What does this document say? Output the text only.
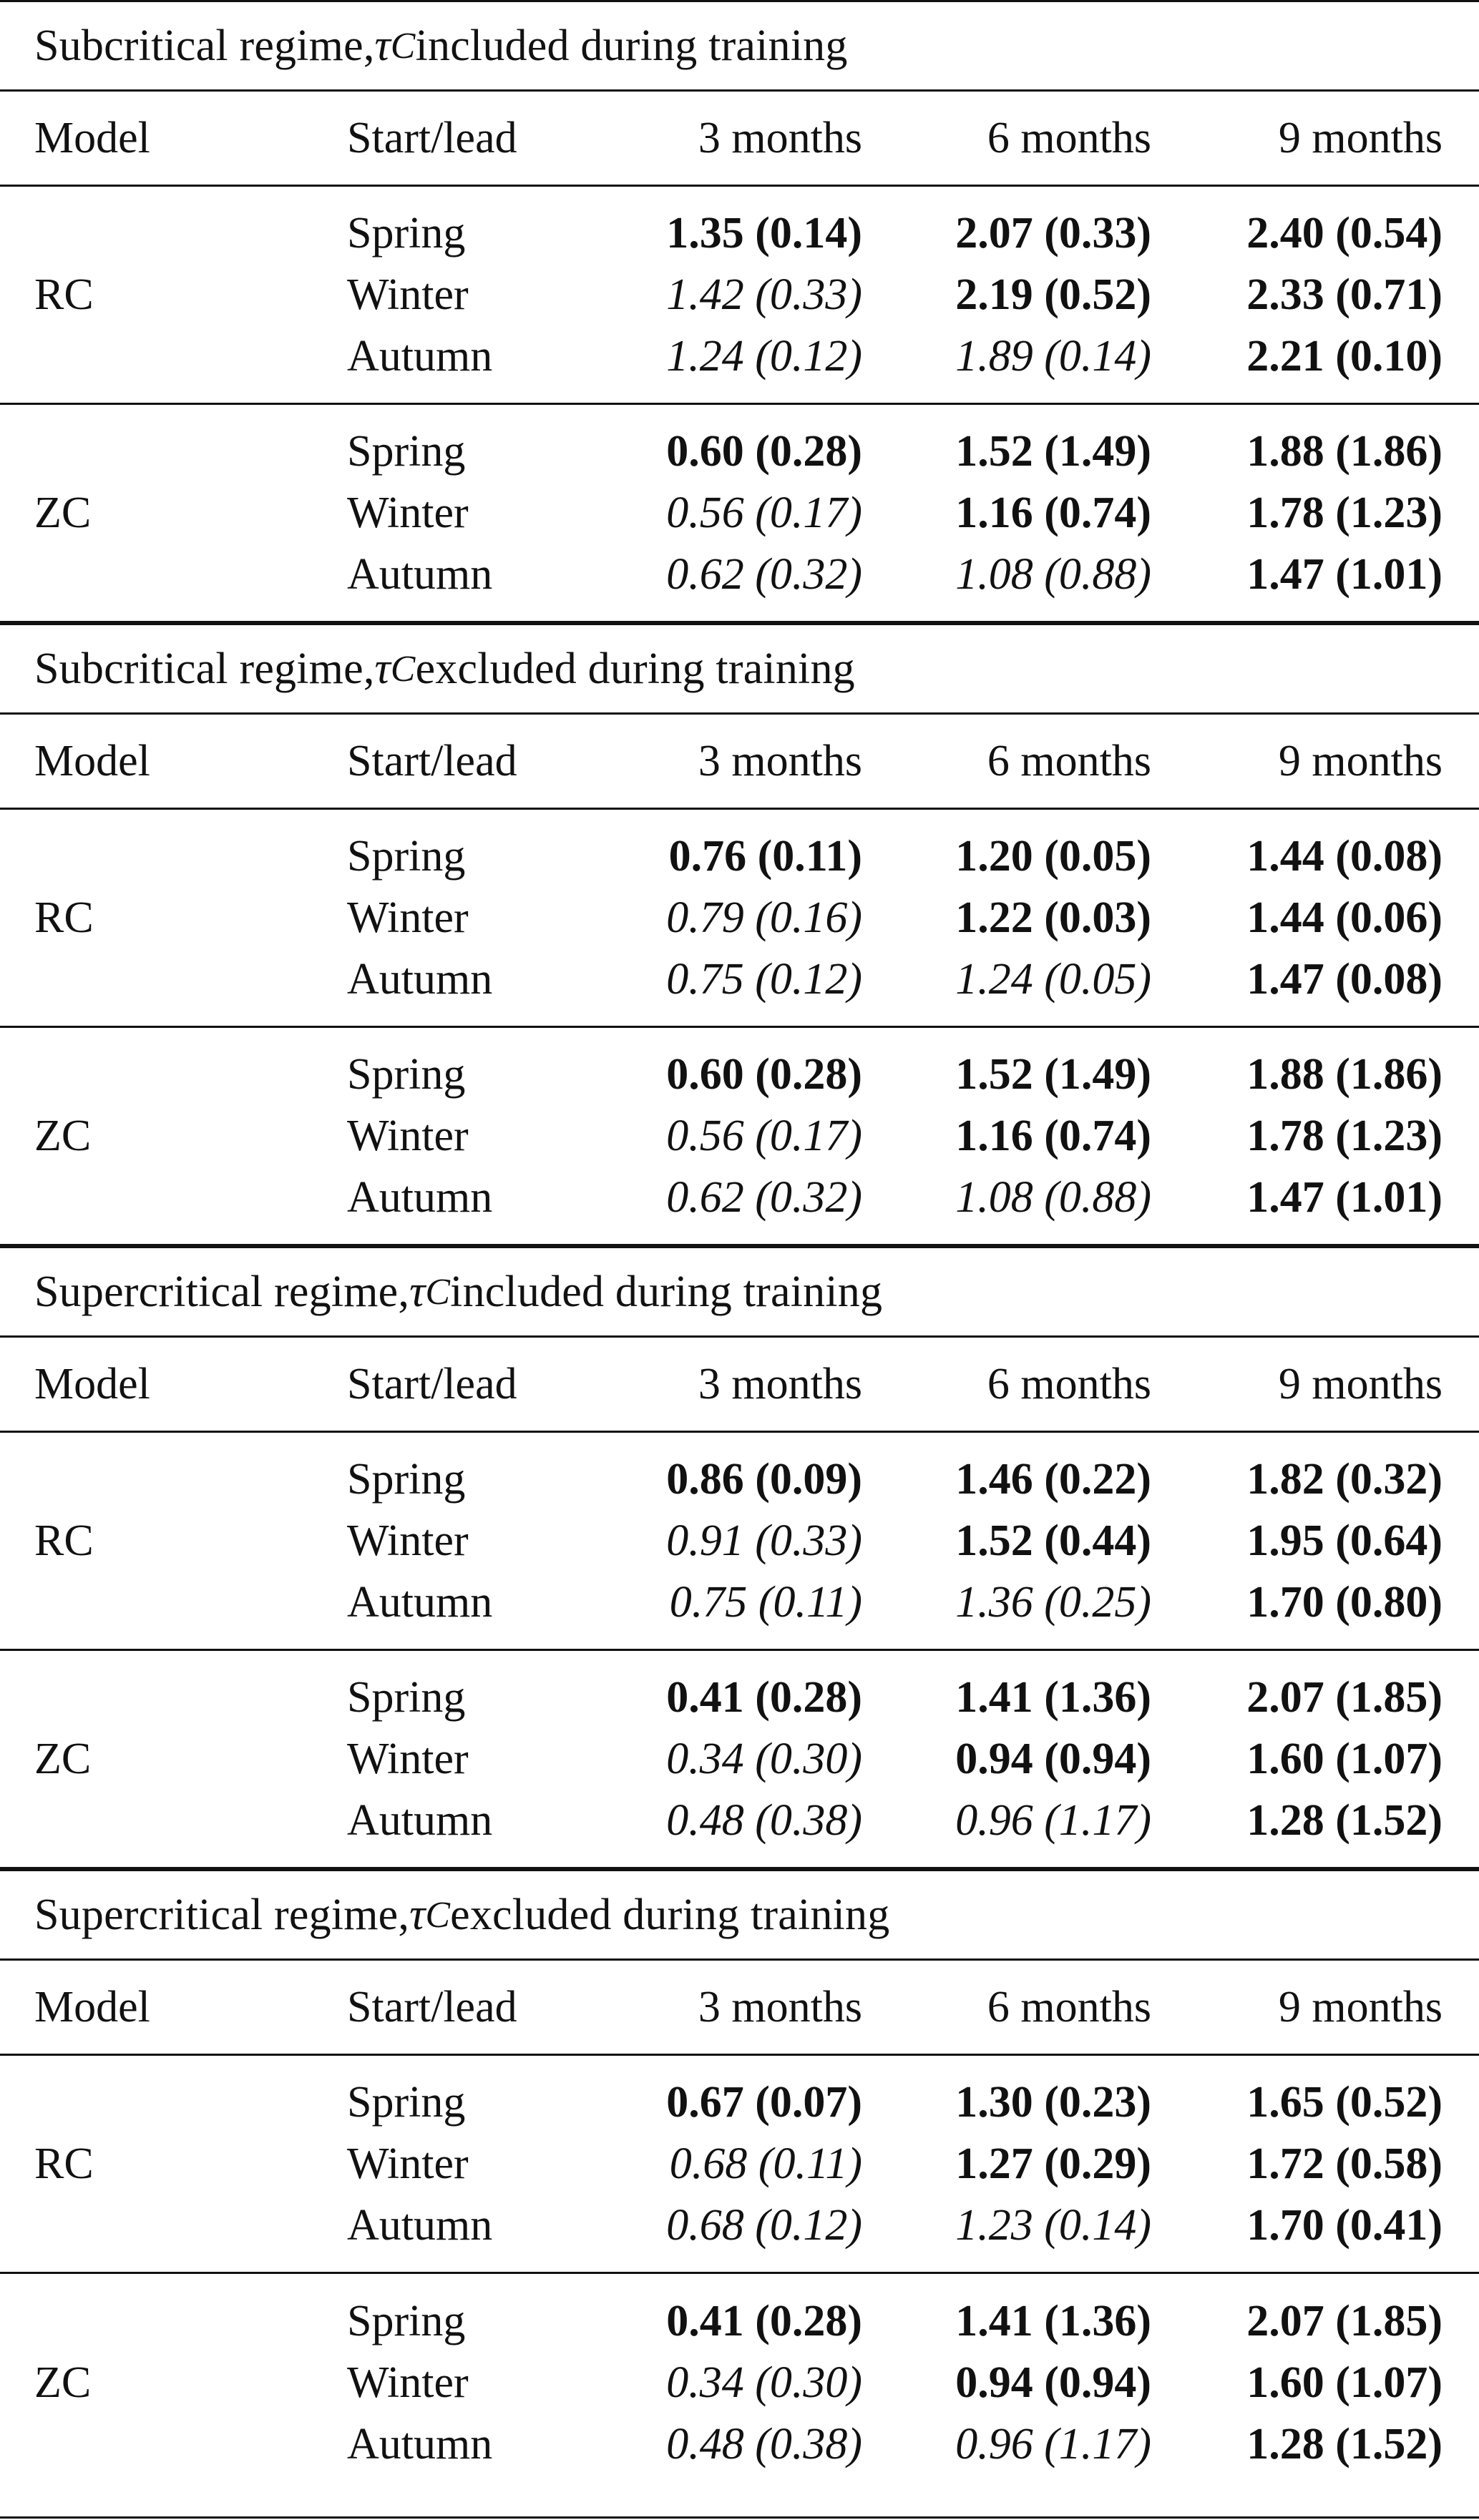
Subcritical regime, τ C included during training
Model	Start/lead	3 months	6 months	9 months
RC
Spring	1.35 (0.14)	2.07 (0.33)	2.40 (0.54)
Winter	1.42 (0.33)	2.19 (0.52)	2.33 (0.71)
Autumn	1.24 (0.12)	1.89 (0.14)	2.21 (0.10)
ZC
Spring	0.60 (0.28)	1.52 (1.49)	1.88 (1.86)
Winter	0.56 (0.17)	1.16 (0.74)	1.78 (1.23)
Autumn	0.62 (0.32)	1.08 (0.88)	1.47 (1.01)
Subcritical regime, τ C excluded during training
Model	Start/lead	3 months	6 months	9 months
RC
Spring	0.76 (0.11)	1.20 (0.05)	1.44 (0.08)
Winter	0.79 (0.16)	1.22 (0.03)	1.44 (0.06)
Autumn	0.75 (0.12)	1.24 (0.05)	1.47 (0.08)
ZC
Spring	0.60 (0.28)	1.52 (1.49)	1.88 (1.86)
Winter	0.56 (0.17)	1.16 (0.74)	1.78 (1.23)
Autumn	0.62 (0.32)	1.08 (0.88)	1.47 (1.01)
Supercritical regime, τ C included during training
Model	Start/lead	3 months	6 months	9 months
RC
Spring	0.86 (0.09)	1.46 (0.22)	1.82 (0.32)
Winter	0.91 (0.33)	1.52 (0.44)	1.95 (0.64)
Autumn	0.75 (0.11)	1.36 (0.25)	1.70 (0.80)
ZC
Spring	0.41 (0.28)	1.41 (1.36)	2.07 (1.85)
Winter	0.34 (0.30)	0.94 (0.94)	1.60 (1.07)
Autumn	0.48 (0.38)	0.96 (1.17)	1.28 (1.52)
Supercritical regime, τ C excluded during training
Model	Start/lead	3 months	6 months	9 months
RC
Spring	0.67 (0.07)	1.30 (0.23)	1.65 (0.52)
Winter	0.68 (0.11)	1.27 (0.29)	1.72 (0.58)
Autumn	0.68 (0.12)	1.23 (0.14)	1.70 (0.41)
ZC
Spring	0.41 (0.28)	1.41 (1.36)	2.07 (1.85)
Winter	0.34 (0.30)	0.94 (0.94)	1.60 (1.07)
Autumn	0.48 (0.38)	0.96 (1.17)	1.28 (1.52)
